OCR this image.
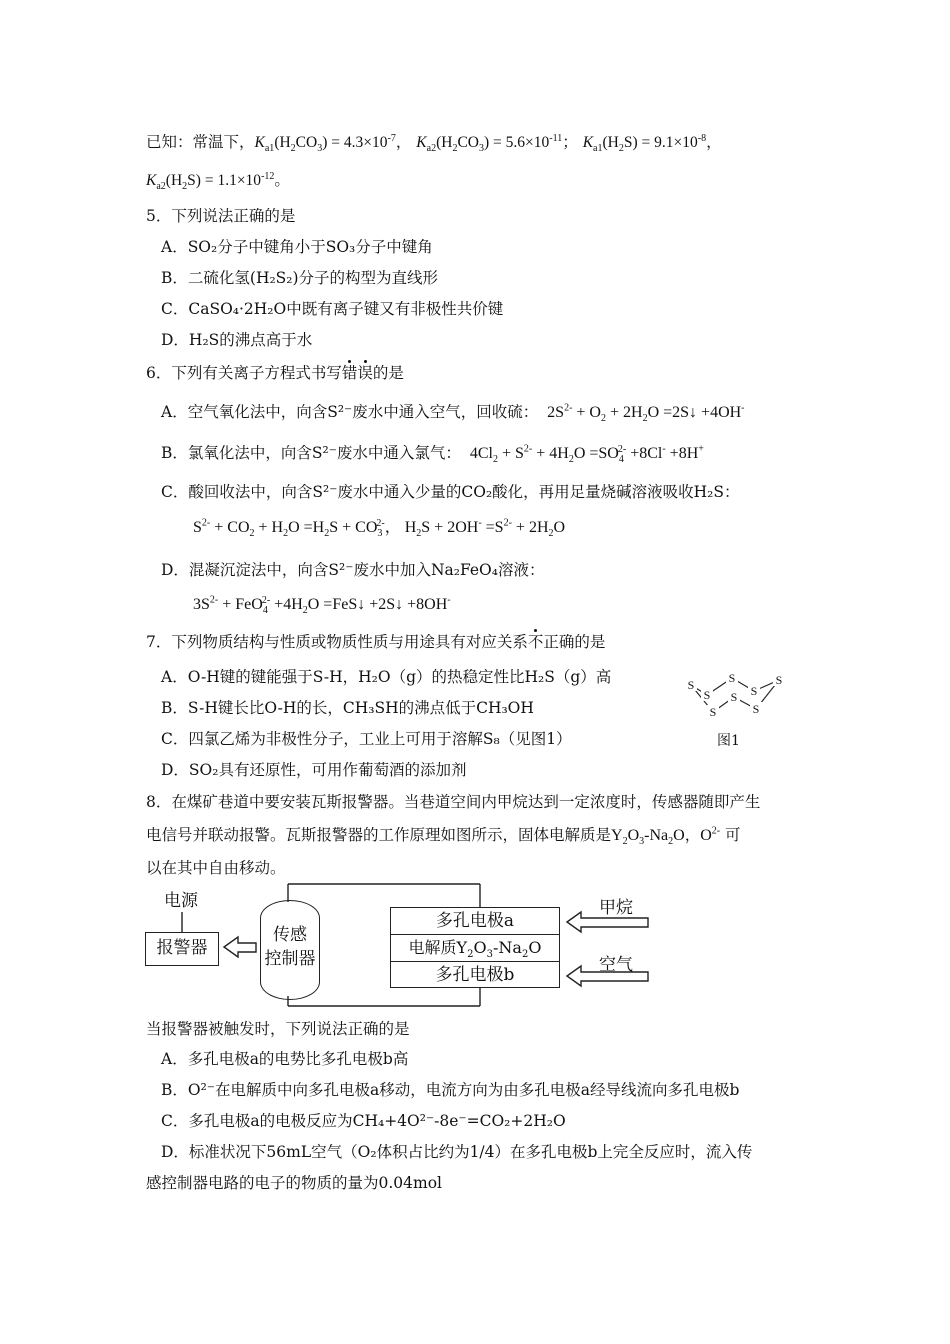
已知：常温下，$K_{a1}(H_2CO_3) = 4.3\times 10^{-7}$， $K_{a2}(H_2CO_3) = 5.6\times 10^{-11}$； $K_{a1}(H_2S) = 9.1\times 10^{-8}$，
$K_{a2}(H_2S) = 1.1\times 10^{-12}$。
5．下列说法正确的是
A．SO₂分子中键角小于SO₃分子中键角
B．二硫化氢(H₂S₂)分子的构型为直线形
C．CaSO₄·2H₂O中既有离子键又有非极性共价键
D．H₂S的沸点高于水
6．下列有关离子方程式书写错误的是
A．空气氧化法中，向含S²⁻废水中通入空气，回收硫：  $2S^{2-} + O_2 + 2H_2O$ =2S↓ +4OH-
B．氯氧化法中，向含S²⁻废水中通入氯气：  $4Cl_2 + S^{2-} + 4H_2O =SO_4^{2-} +8Cl^- +8H^+$
C．酸回收法中，向含S²⁻废水中通入少量的CO₂酸化，再用足量烧碱溶液吸收H₂S：
$S^{2-} + CO_2 + H_2O =H_2S + CO_3^{2-}$， $H_2S + 2OH^- =S^{2-} + 2H_2O$
D．混凝沉淀法中，向含S²⁻废水中加入Na₂FeO₄溶液：
$3S^{2-} + FeO_4^{2-} +4H_2O$ =FeS↓ +2S↓ +8OH-
7．下列物质结构与性质或物质性质与用途具有对应关系不正确的是
A．O-H键的键能强于S-H，H₂O（g）的热稳定性比H₂S（g）高
B．S-H键长比O-H的长，CH₃SH的沸点低于CH₃OH
C．四氯乙烯为非极性分子，工业上可用于溶解S₈（见图1）
D．SO₂具有还原性，可用作葡萄酒的添加剂
S
S
S
S
S
S
S
S
图1
8．在煤矿巷道中要安装瓦斯报警器。当巷道空间内甲烷达到一定浓度时，传感器随即产生
电信号并联动报警。瓦斯报警器的工作原理如图所示，固体电解质是$Y_2O_3-Na_2O$，$O^{2-}$ 可
以在其中自由移动。
电源
报警器
传感
控制器
多孔电极a
电解质$Y_2O_3-Na_2O$
多孔电极b
甲烷
空气
当报警器被触发时，下列说法正确的是
A．多孔电极a的电势比多孔电极b高
B．O²⁻在电解质中向多孔电极a移动，电流方向为由多孔电极a经导线流向多孔电极b
C．多孔电极a的电极反应为CH₄+4O²⁻-8e⁻=CO₂+2H₂O
D．标准状况下56mL空气（O₂体积占比约为1/4）在多孔电极b上完全反应时，流入传
感控制器电路的电子的物质的量为0.04mol
